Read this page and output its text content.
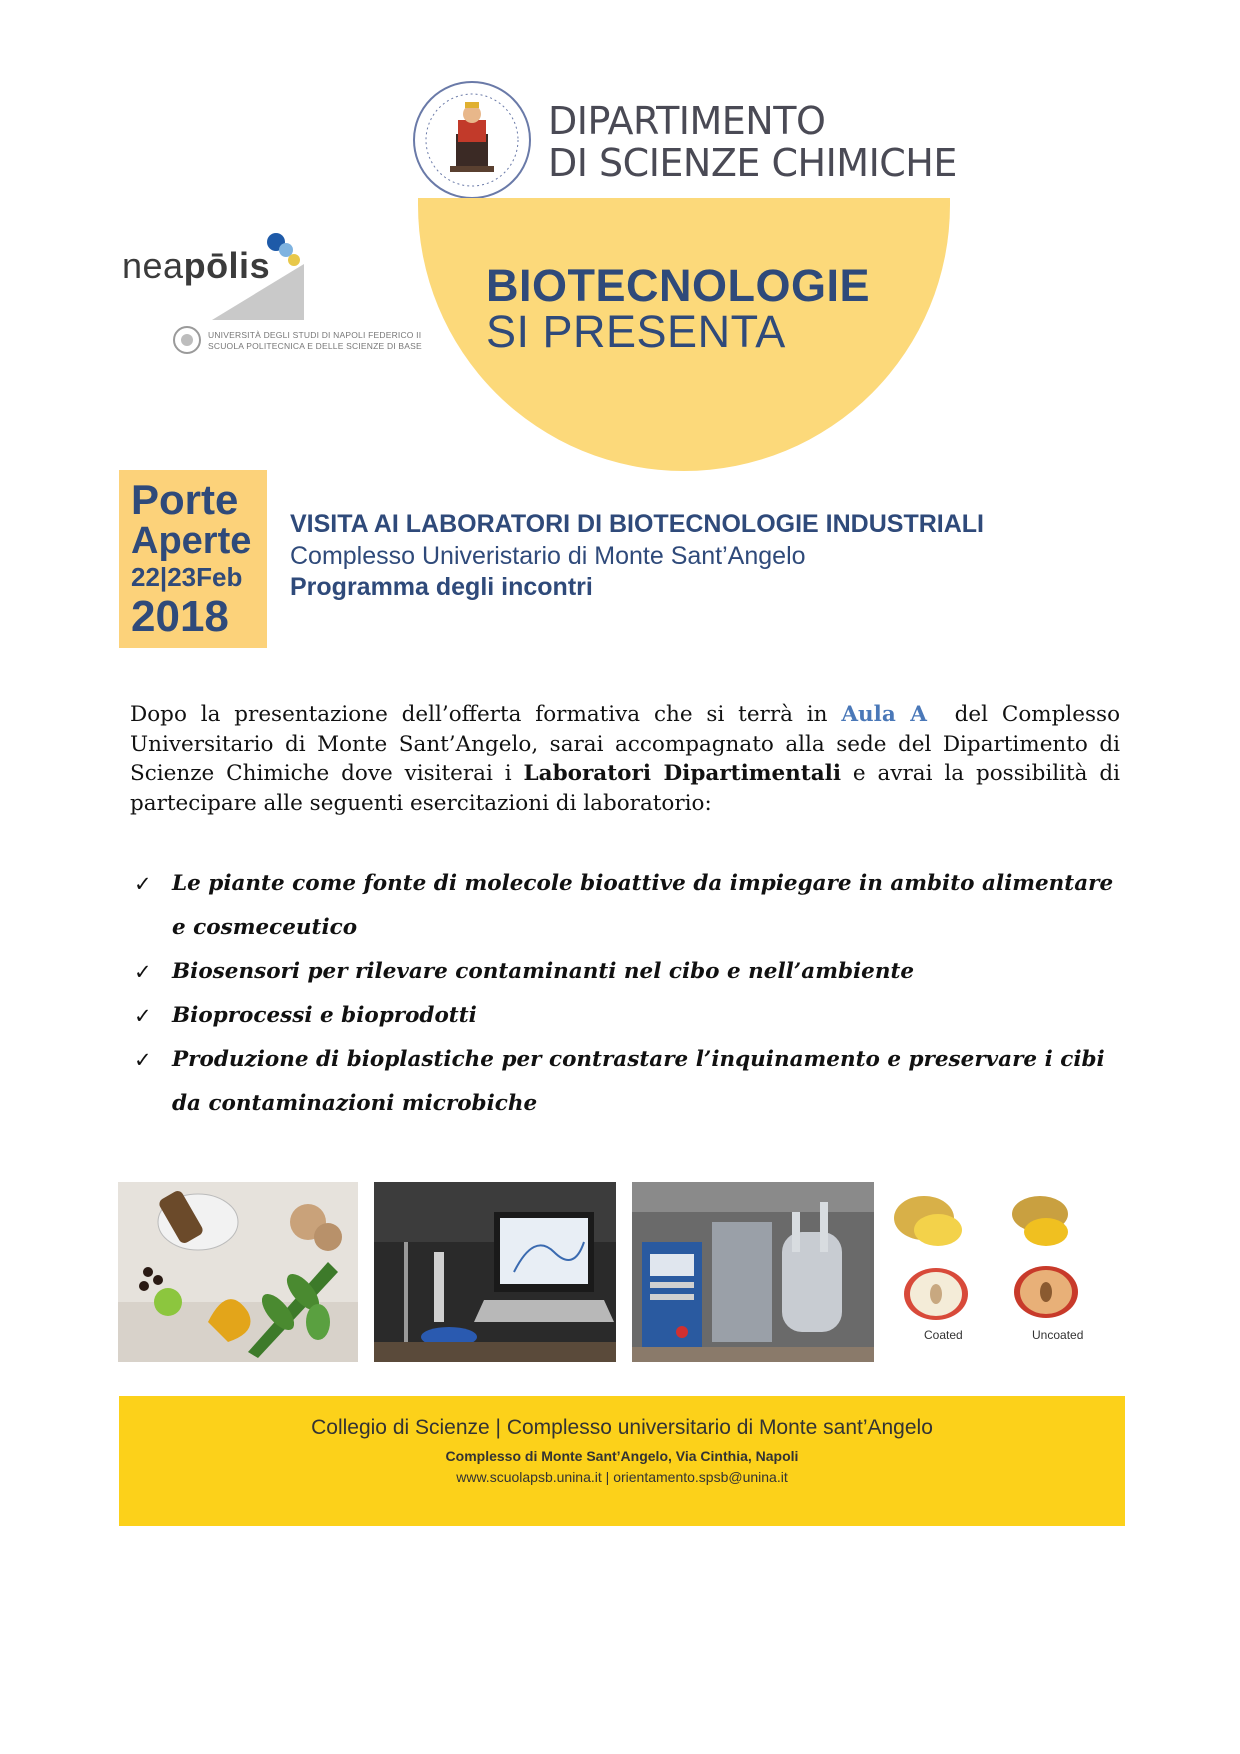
DIPARTIMENTO
DI SCIENZE CHIMICHE
BIOTECNOLOGIE
SI PRESENTA
neapōlis
UNIVERSITÀ DEGLI STUDI DI NAPOLI FEDERICO II
SCUOLA POLITECNICA E DELLE SCIENZE DI BASE
Porte
Aperte
22|23Feb
2018
VISITA AI LABORATORI DI BIOTECNOLOGIE INDUSTRIALI
Complesso Univeristario di Monte Sant’Angelo
Programma degli incontri
Dopo la presentazione dell’offerta formativa che si terrà in Aula A del Complesso Universitario di Monte Sant’Angelo, sarai accompagnato alla sede del Dipartimento di Scienze Chimiche dove visiterai i Laboratori Dipartimentali e avrai la possibilità di partecipare alle seguenti esercitazioni di laboratorio:
✓ Le piante come fonte di molecole bioattive da impiegare in ambito alimentare e cosmeceutico
✓ Biosensori per rilevare contaminanti nel cibo e nell’ambiente
✓ Bioprocessi e bioprodotti
✓ Produzione di bioplastiche per contrastare l’inquinamento e preservare i cibi da contaminazioni microbiche
Coated	Uncoated
Collegio di Scienze | Complesso universitario di Monte sant’Angelo
Complesso di Monte Sant’Angelo, Via Cinthia, Napoli
www.scuolapsb.unina.it | orientamento.spsb@unina.it
